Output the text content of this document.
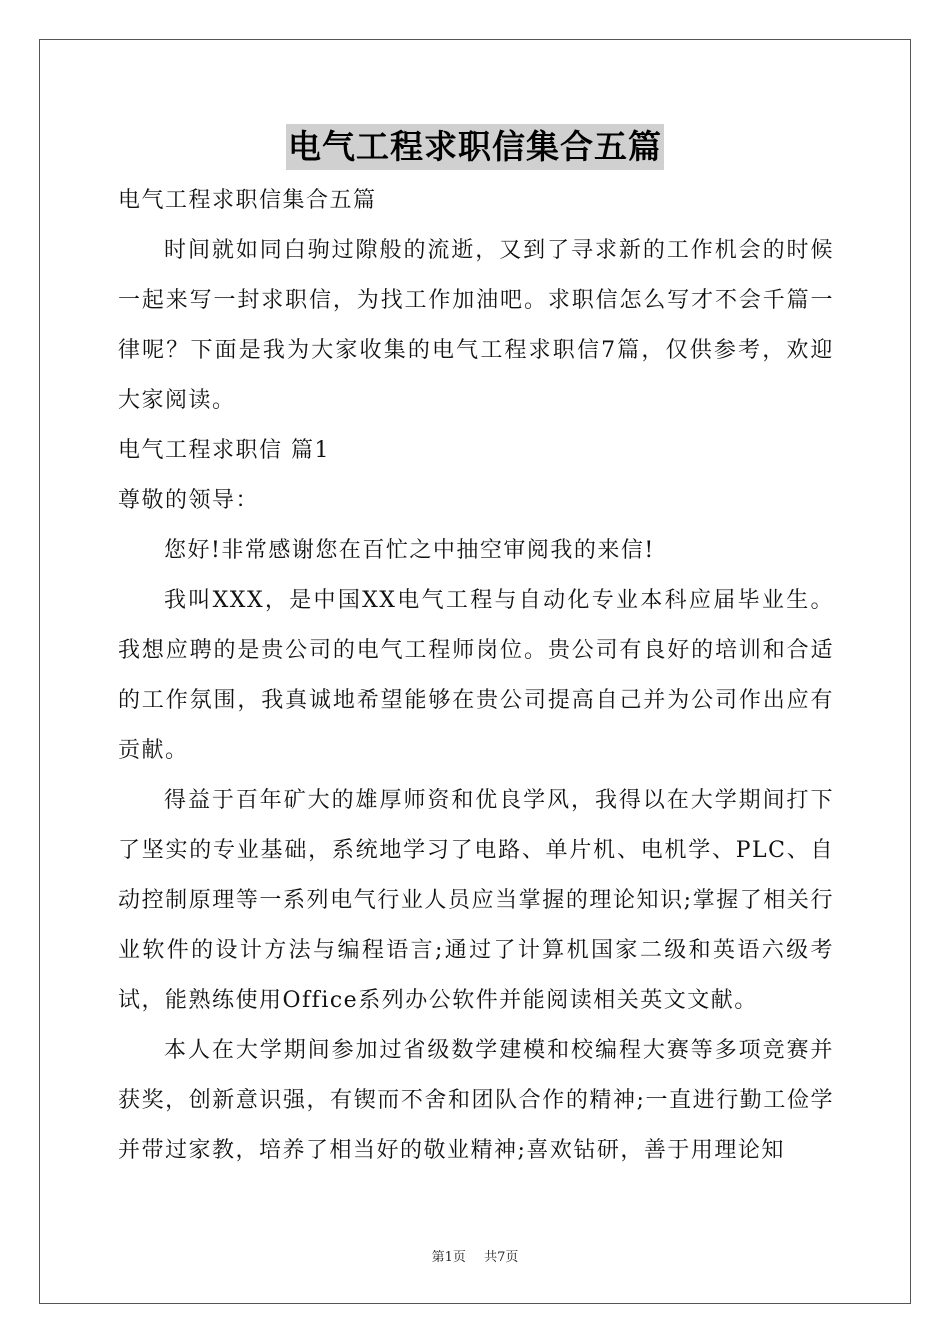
电气工程求职信集合五篇

电气工程求职信集合五篇

时间就如同白驹过隙般的流逝，又到了寻求新的工作机会的时候一起来写一封求职信，为找工作加油吧。求职信怎么写才不会千篇一律呢？下面是我为大家收集的电气工程求职信7篇，仅供参考，欢迎大家阅读。

电气工程求职信 篇1

尊敬的领导：

您好!非常感谢您在百忙之中抽空审阅我的来信!

我叫XXX，是中国XX电气工程与自动化专业本科应届毕业生。我想应聘的是贵公司的电气工程师岗位。贵公司有良好的培训和合适的工作氛围，我真诚地希望能够在贵公司提高自己并为公司作出应有贡献。

得益于百年矿大的雄厚师资和优良学风，我得以在大学期间打下了坚实的专业基础，系统地学习了电路、单片机、电机学、PLC、自动控制原理等一系列电气行业人员应当掌握的理论知识;掌握了相关行业软件的设计方法与编程语言;通过了计算机国家二级和英语六级考试，能熟练使用Office系列办公软件并能阅读相关英文文献。

本人在大学期间参加过省级数学建模和校编程大赛等多项竞赛并获奖，创新意识强，有锲而不舍和团队合作的精神;一直进行勤工俭学并带过家教，培养了相当好的敬业精神;喜欢钻研，善于用理论知

第1页 共7页
